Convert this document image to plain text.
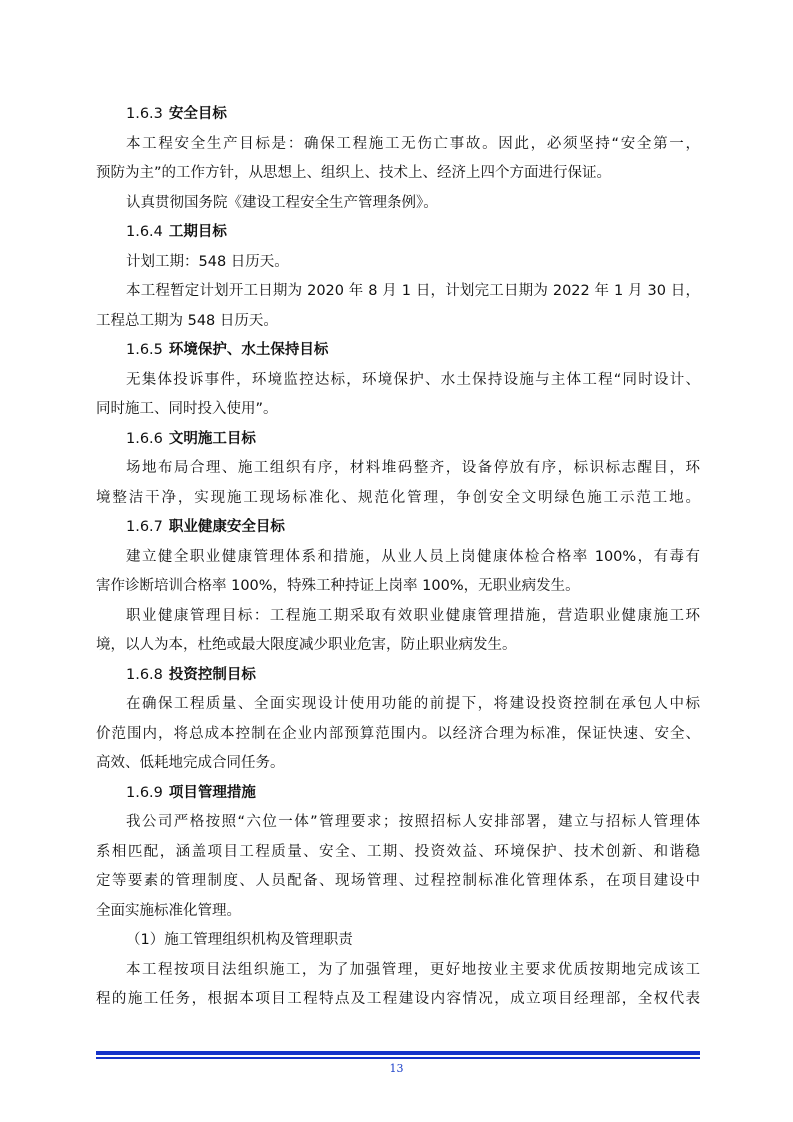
1.6.3 安全目标
本工程安全生产目标是：确保工程施工无伤亡事故。因此，必须坚持“安全第一，
预防为主”的工作方针，从思想上、组织上、技术上、经济上四个方面进行保证。
认真贯彻国务院《建设工程安全生产管理条例》。
1.6.4 工期目标
计划工期：548 日历天。
本工程暂定计划开工日期为 2020 年 8 月 1 日，计划完工日期为 2022 年 1 月 30 日，
工程总工期为 548 日历天。
1.6.5 环境保护、水土保持目标
无集体投诉事件，环境监控达标，环境保护、水土保持设施与主体工程“同时设计、
同时施工、同时投入使用”。
1.6.6 文明施工目标
场地布局合理、施工组织有序，材料堆码整齐，设备停放有序，标识标志醒目，环
境整洁干净，实现施工现场标准化、规范化管理，争创安全文明绿色施工示范工地。
1.6.7 职业健康安全目标
建立健全职业健康管理体系和措施，从业人员上岗健康体检合格率 100%，有毒有
害作诊断培训合格率 100%，特殊工种持证上岗率 100%，无职业病发生。
职业健康管理目标：工程施工期采取有效职业健康管理措施，营造职业健康施工环
境，以人为本，杜绝或最大限度减少职业危害，防止职业病发生。
1.6.8 投资控制目标
在确保工程质量、全面实现设计使用功能的前提下，将建设投资控制在承包人中标
价范围内，将总成本控制在企业内部预算范围内。以经济合理为标准，保证快速、安全、
高效、低耗地完成合同任务。
1.6.9 项目管理措施
我公司严格按照“六位一体”管理要求；按照招标人安排部署，建立与招标人管理体
系相匹配，涵盖项目工程质量、安全、工期、投资效益、环境保护、技术创新、和谐稳
定等要素的管理制度、人员配备、现场管理、过程控制标准化管理体系，在项目建设中
全面实施标准化管理。
（1）施工管理组织机构及管理职责
本工程按项目法组织施工，为了加强管理，更好地按业主要求优质按期地完成该工
程的施工任务，根据本项目工程特点及工程建设内容情况，成立项目经理部，全权代表
13
